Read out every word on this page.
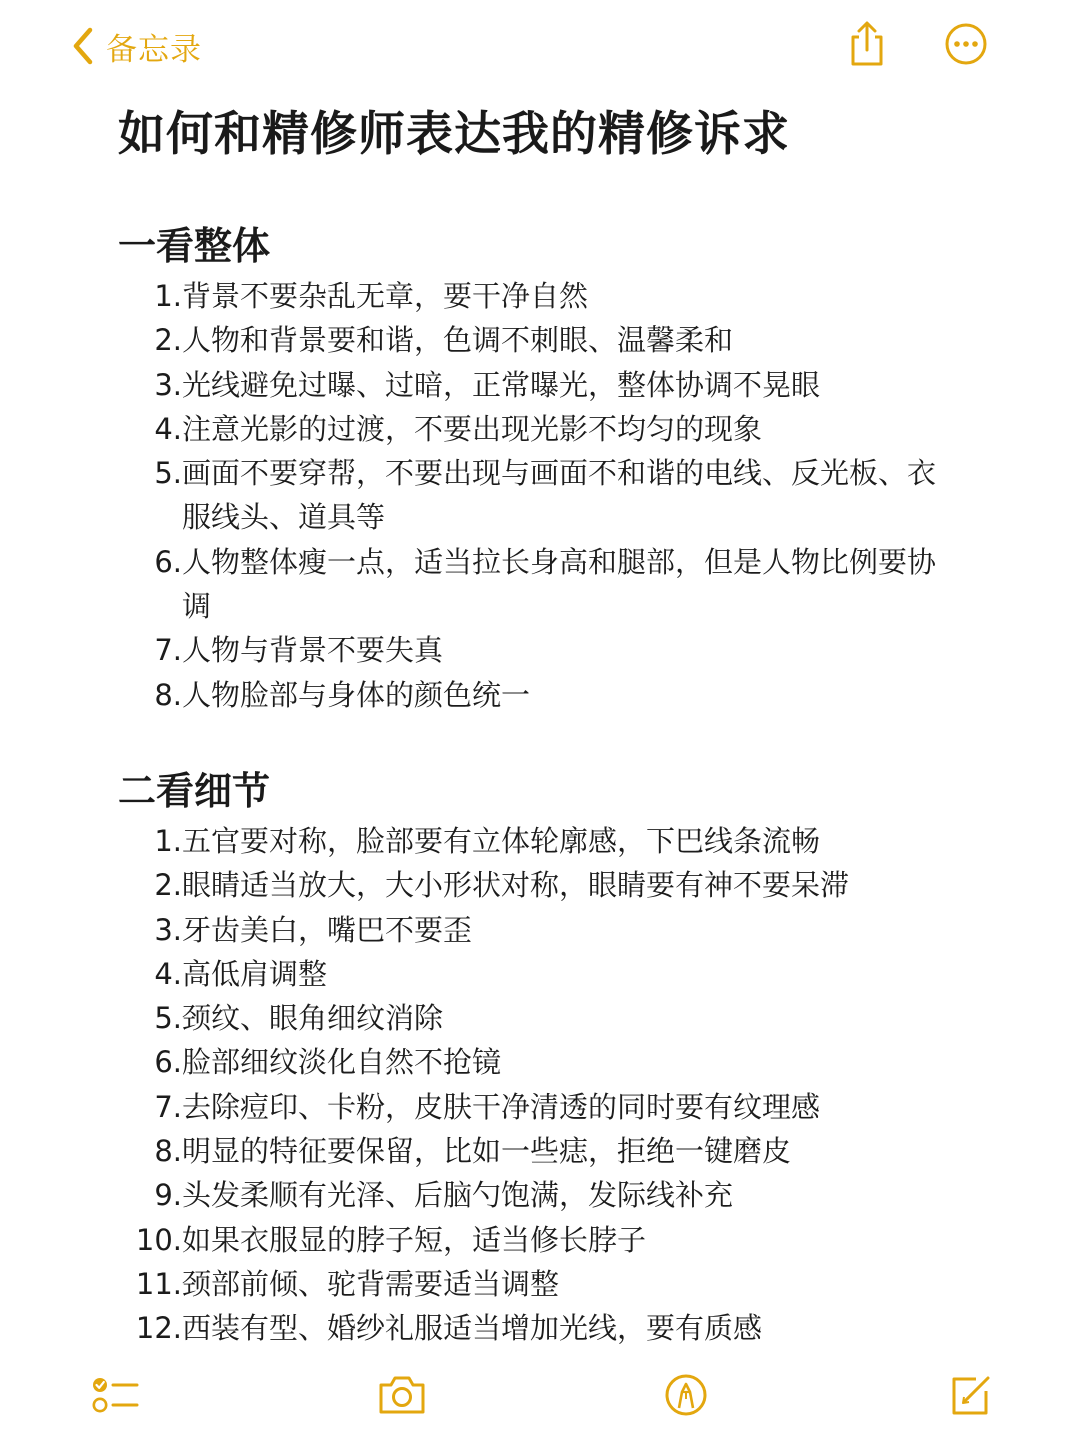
备忘录
如何和精修师表达我的精修诉求
一看整体
1. 背景不要杂乱无章，要干净自然
2. 人物和背景要和谐，色调不刺眼、温馨柔和
3. 光线避免过曝、过暗，正常曝光，整体协调不晃眼
4. 注意光影的过渡，不要出现光影不均匀的现象
5. 画面不要穿帮，不要出现与画面不和谐的电线、反光板、衣服线头、道具等
6. 人物整体瘦一点，适当拉长身高和腿部，但是人物比例要协调
7. 人物与背景不要失真
8. 人物脸部与身体的颜色统一
二看细节
1. 五官要对称，脸部要有立体轮廓感，下巴线条流畅
2. 眼睛适当放大，大小形状对称，眼睛要有神不要呆滞
3. 牙齿美白，嘴巴不要歪
4. 高低肩调整
5. 颈纹、眼角细纹消除
6. 脸部细纹淡化自然不抢镜
7. 去除痘印、卡粉，皮肤干净清透的同时要有纹理感
8. 明显的特征要保留，比如一些痣，拒绝一键磨皮
9. 头发柔顺有光泽、后脑勺饱满，发际线补充
10. 如果衣服显的脖子短，适当修长脖子
11. 颈部前倾、驼背需要适当调整
12. 西装有型、婚纱礼服适当增加光线，要有质感
